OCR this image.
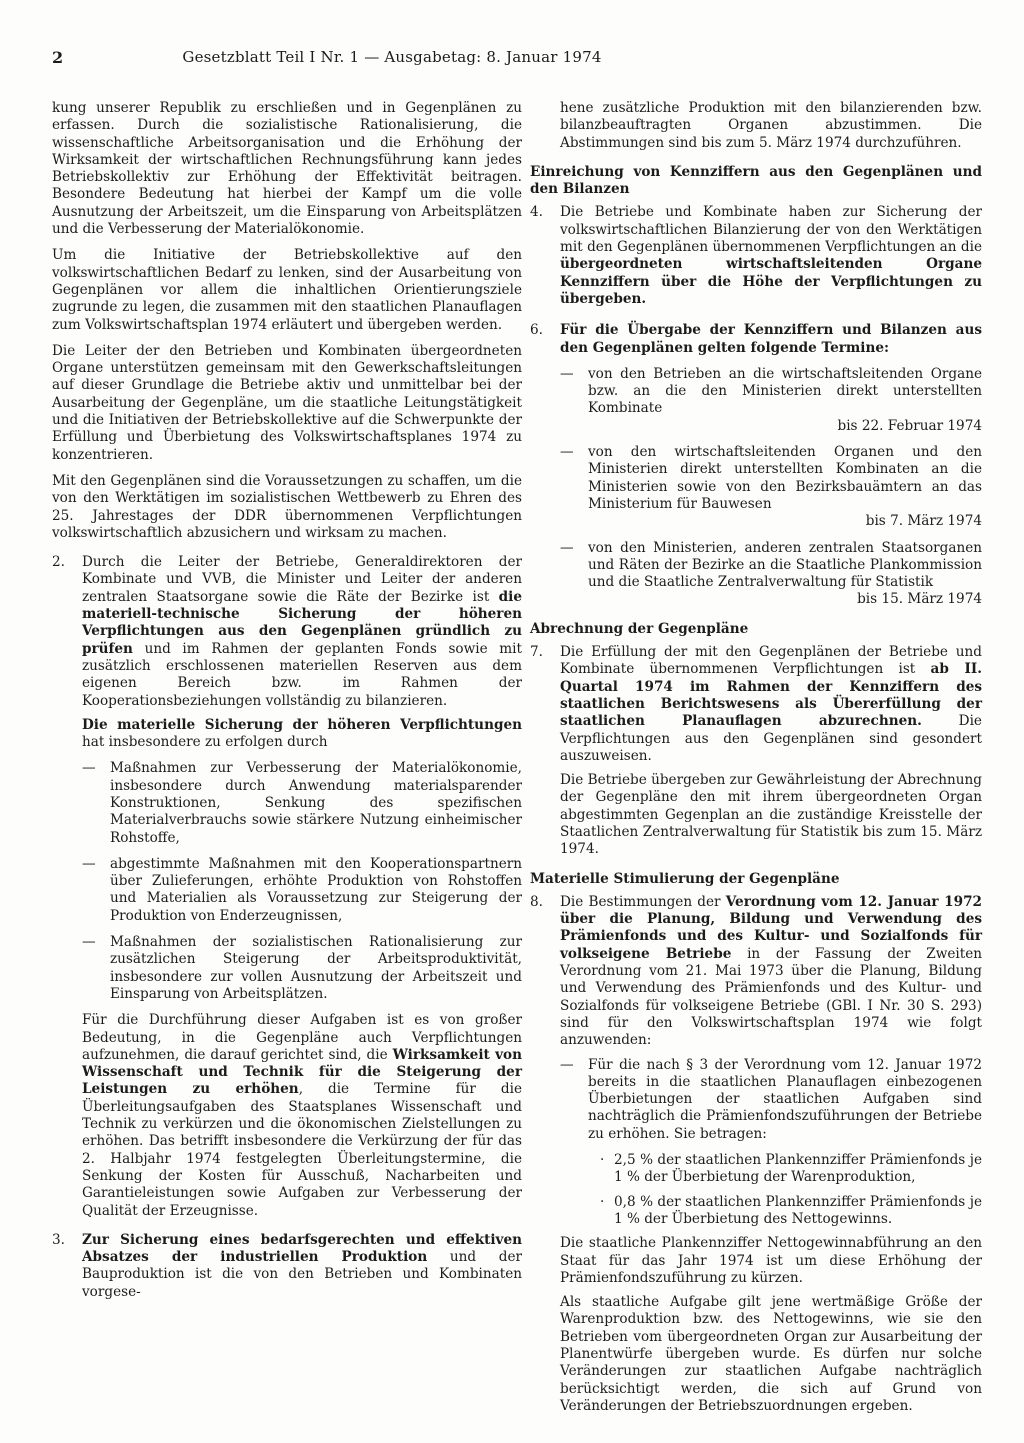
2	Gesetzblatt Teil I Nr. 1 — Ausgabetag: 8. Januar 1974

kung unserer Republik zu erschließen und in Gegenplänen zu erfassen. Durch die sozialistische Rationalisierung, die wissenschaftliche Arbeitsorganisation und die Erhöhung der Wirksamkeit der wirtschaftlichen Rechnungsführung kann jedes Betriebskollektiv zur Erhöhung der Effektivität beitragen. Besondere Bedeutung hat hierbei der Kampf um die volle Ausnutzung der Arbeitszeit, um die Einsparung von Arbeitsplätzen und die Verbesserung der Materialökonomie.

Um die Initiative der Betriebskollektive auf den volkswirtschaftlichen Bedarf zu lenken, sind der Ausarbeitung von Gegenplänen vor allem die inhaltlichen Orientierungsziele zugrunde zu legen, die zusammen mit den staatlichen Planauflagen zum Volkswirtschaftsplan 1974 erläutert und übergeben werden.

Die Leiter der den Betrieben und Kombinaten übergeordneten Organe unterstützen gemeinsam mit den Gewerkschaftsleitungen auf dieser Grundlage die Betriebe aktiv und unmittelbar bei der Ausarbeitung der Gegenpläne, um die staatliche Leitungstätigkeit und die Initiativen der Betriebskollektive auf die Schwerpunkte der Erfüllung und Überbietung des Volkswirtschaftsplanes 1974 zu konzentrieren.

Mit den Gegenplänen sind die Voraussetzungen zu schaffen, um die von den Werktätigen im sozialistischen Wettbewerb zu Ehren des 25. Jahrestages der DDR übernommenen Verpflichtungen volkswirtschaftlich abzusichern und wirksam zu machen.

2. Durch die Leiter der Betriebe, Generaldirektoren der Kombinate und VVB, die Minister und Leiter der anderen zentralen Staatsorgane sowie die Räte der Bezirke ist die materiell-technische Sicherung der höheren Verpflichtungen aus den Gegenplänen gründlich zu prüfen und im Rahmen der geplanten Fonds sowie mit zusätzlich erschlossenen materiellen Reserven aus dem eigenen Bereich bzw. im Rahmen der Kooperationsbeziehungen vollständig zu bilanzieren.

Die materielle Sicherung der höheren Verpflichtungen hat insbesondere zu erfolgen durch

— Maßnahmen zur Verbesserung der Materialökonomie, insbesondere durch Anwendung materialsparender Konstruktionen, Senkung des spezifischen Materialverbrauchs sowie stärkere Nutzung einheimischer Rohstoffe,
— abgestimmte Maßnahmen mit den Kooperationspartnern über Zulieferungen, erhöhte Produktion von Rohstoffen und Materialien als Voraussetzung zur Steigerung der Produktion von Enderzeugnissen,
— Maßnahmen der sozialistischen Rationalisierung zur zusätzlichen Steigerung der Arbeitsproduktivität, insbesondere zur vollen Ausnutzung der Arbeitszeit und Einsparung von Arbeitsplätzen.

Für die Durchführung dieser Aufgaben ist es von großer Bedeutung, in die Gegenpläne auch Verpflichtungen aufzunehmen, die darauf gerichtet sind, die Wirksamkeit von Wissenschaft und Technik für die Steigerung der Leistungen zu erhöhen, die Termine für die Überleitungsaufgaben des Staatsplanes Wissenschaft und Technik zu verkürzen und die ökonomischen Zielstellungen zu erhöhen. Das betrifft insbesondere die Verkürzung der für das 2. Halbjahr 1974 festgelegten Überleitungstermine, die Senkung der Kosten für Ausschuß, Nacharbeiten und Garantieleistungen sowie Aufgaben zur Verbesserung der Qualität der Erzeugnisse.

3. Zur Sicherung eines bedarfsgerechten und effektiven Absatzes der industriellen Produktion und der Bauproduktion ist die von den Betrieben und Kombinaten vorgese-

hene zusätzliche Produktion mit den bilanzierenden bzw. bilanzbeauftragten Organen abzustimmen. Die Abstimmungen sind bis zum 5. März 1974 durchzuführen.

Einreichung von Kennziffern aus den Gegenplänen und den Bilanzen
4. Die Betriebe und Kombinate haben zur Sicherung der volkswirtschaftlichen Bilanzierung der von den Werktätigen mit den Gegenplänen übernommenen Verpflichtungen an die übergeordneten wirtschaftsleitenden Organe Kennziffern über die Höhe der Verpflichtungen zu übergeben.

6. Für die Übergabe der Kennziffern und Bilanzen aus den Gegenplänen gelten folgende Termine:

— von den Betrieben an die wirtschaftsleitenden Organe bzw. an die den Ministerien direkt unterstellten Kombinate
bis 22. Februar 1974
— von den wirtschaftsleitenden Organen und den Ministerien direkt unterstellten Kombinaten an die Ministerien sowie von den Bezirksbauämtern an das Ministerium für Bauwesen
bis 7. März 1974
— von den Ministerien, anderen zentralen Staatsorganen und Räten der Bezirke an die Staatliche Plankommission und die Staatliche Zentralverwaltung für Statistik
bis 15. März 1974
Abrechnung der Gegenpläne
7. Die Erfüllung der mit den Gegenplänen der Betriebe und Kombinate übernommenen Verpflichtungen ist ab II. Quartal 1974 im Rahmen der Kennziffern des staatlichen Berichtswesens als Übererfüllung der staatlichen Planauflagen abzurechnen. Die Verpflichtungen aus den Gegenplänen sind gesondert auszuweisen.

Die Betriebe übergeben zur Gewährleistung der Abrechnung der Gegenpläne den mit ihrem übergeordneten Organ abgestimmten Gegenplan an die zuständige Kreisstelle der Staatlichen Zentralverwaltung für Statistik bis zum 15. März 1974.

Materielle Stimulierung der Gegenpläne
8. Die Bestimmungen der Verordnung vom 12. Januar 1972 über die Planung, Bildung und Verwendung des Prämienfonds und des Kultur- und Sozialfonds für volkseigene Betriebe in der Fassung der Zweiten Verordnung vom 21. Mai 1973 über die Planung, Bildung und Verwendung des Prämienfonds und des Kultur- und Sozialfonds für volkseigene Betriebe (GBl. I Nr. 30 S. 293) sind für den Volkswirtschaftsplan 1974 wie folgt anzuwenden:

— Für die nach § 3 der Verordnung vom 12. Januar 1972 bereits in die staatlichen Planauflagen einbezogenen Überbietungen der staatlichen Aufgaben sind nachträglich die Prämienfondszuführungen der Betriebe zu erhöhen. Sie betragen:
· 2,5 % der staatlichen Plankennziffer Prämienfonds je 1 % der Überbietung der Warenproduktion,
· 0,8 % der staatlichen Plankennziffer Prämienfonds je 1 % der Überbietung des Nettogewinns.

Die staatliche Plankennziffer Nettogewinnabführung an den Staat für das Jahr 1974 ist um diese Erhöhung der Prämienfondszuführung zu kürzen.

Als staatliche Aufgabe gilt jene wertmäßige Größe der Warenproduktion bzw. des Nettogewinns, wie sie den Betrieben vom übergeordneten Organ zur Ausarbeitung der Planentwürfe übergeben wurde. Es dürfen nur solche Veränderungen zur staatlichen Aufgabe nachträglich berücksichtigt werden, die sich auf Grund von Veränderungen der Betriebszuordnungen ergeben.
